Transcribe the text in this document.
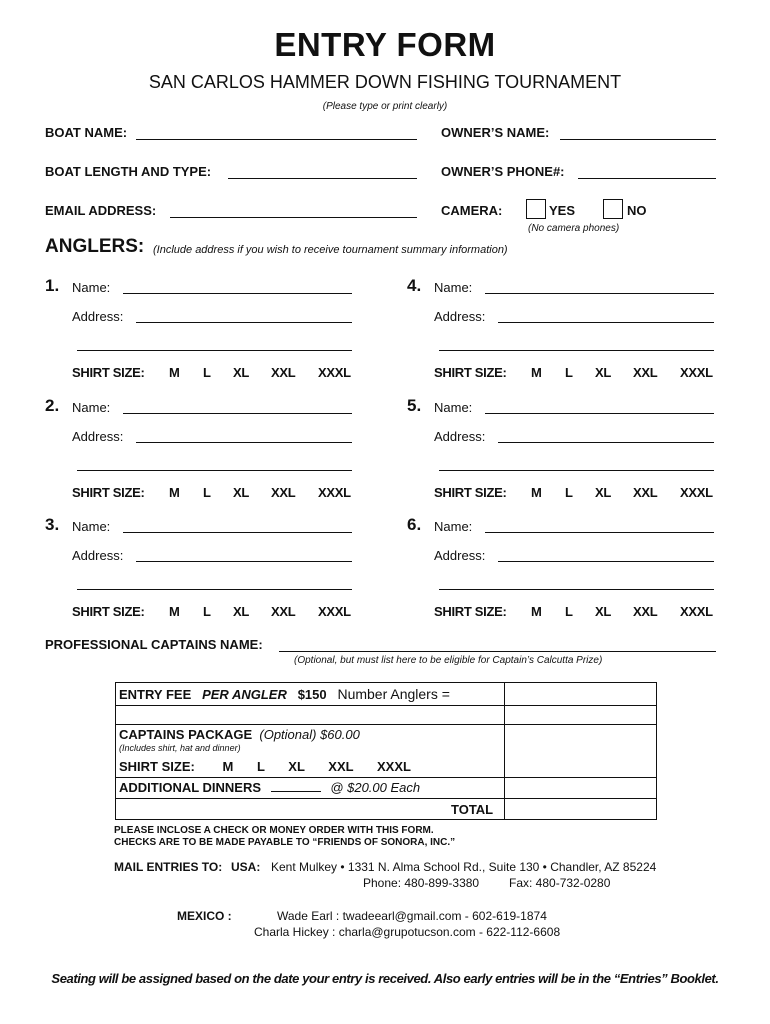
ENTRY FORM
SAN CARLOS HAMMER DOWN FISHING TOURNAMENT
(Please type or print clearly)
BOAT NAME:	OWNER’S NAME:
BOAT LENGTH AND TYPE:	OWNER’S PHONE#:
EMAIL ADDRESS:	CAMERA:	YES	NO
(No camera phones)
ANGLERS: (Include address if you wish to receive tournament summary information)
1. Name:
Address:
SHIRT SIZE: M L XL XXL XXXL
2. Name:
Address:
SHIRT SIZE: M L XL XXL XXXL
3. Name:
Address:
SHIRT SIZE: M L XL XXL XXXL
4. Name:
Address:
SHIRT SIZE: M L XL XXL XXXL
5. Name:
Address:
SHIRT SIZE: M L XL XXL XXXL
6. Name:
Address:
SHIRT SIZE: M L XL XXL XXXL
PROFESSIONAL CAPTAINS NAME:
(Optional, but must list here to be eligible for Captain’s Calcutta Prize)
ENTRY FEE PER ANGLER $150 Number Anglers =
CAPTAINS PACKAGE (Optional) $60.00
(Includes shirt, hat and dinner)
SHIRT SIZE: M L XL XXL XXXL
ADDITIONAL DINNERS	@ $20.00 Each
TOTAL
PLEASE INCLOSE A CHECK OR MONEY ORDER WITH THIS FORM.
CHECKS ARE TO BE MADE PAYABLE TO “FRIENDS OF SONORA, INC.”
MAIL ENTRIES TO: USA: Kent Mulkey • 1331 N. Alma School Rd., Suite 130 • Chandler, AZ 85224
Phone: 480-899-3380 Fax: 480-732-0280
MEXICO :	Wade Earl : twadeearl@gmail.com - 602-619-1874
Charla Hickey : charla@grupotucson.com - 622-112-6608
Seating will be assigned based on the date your entry is received. Also early entries will be in the “Entries” Booklet.
